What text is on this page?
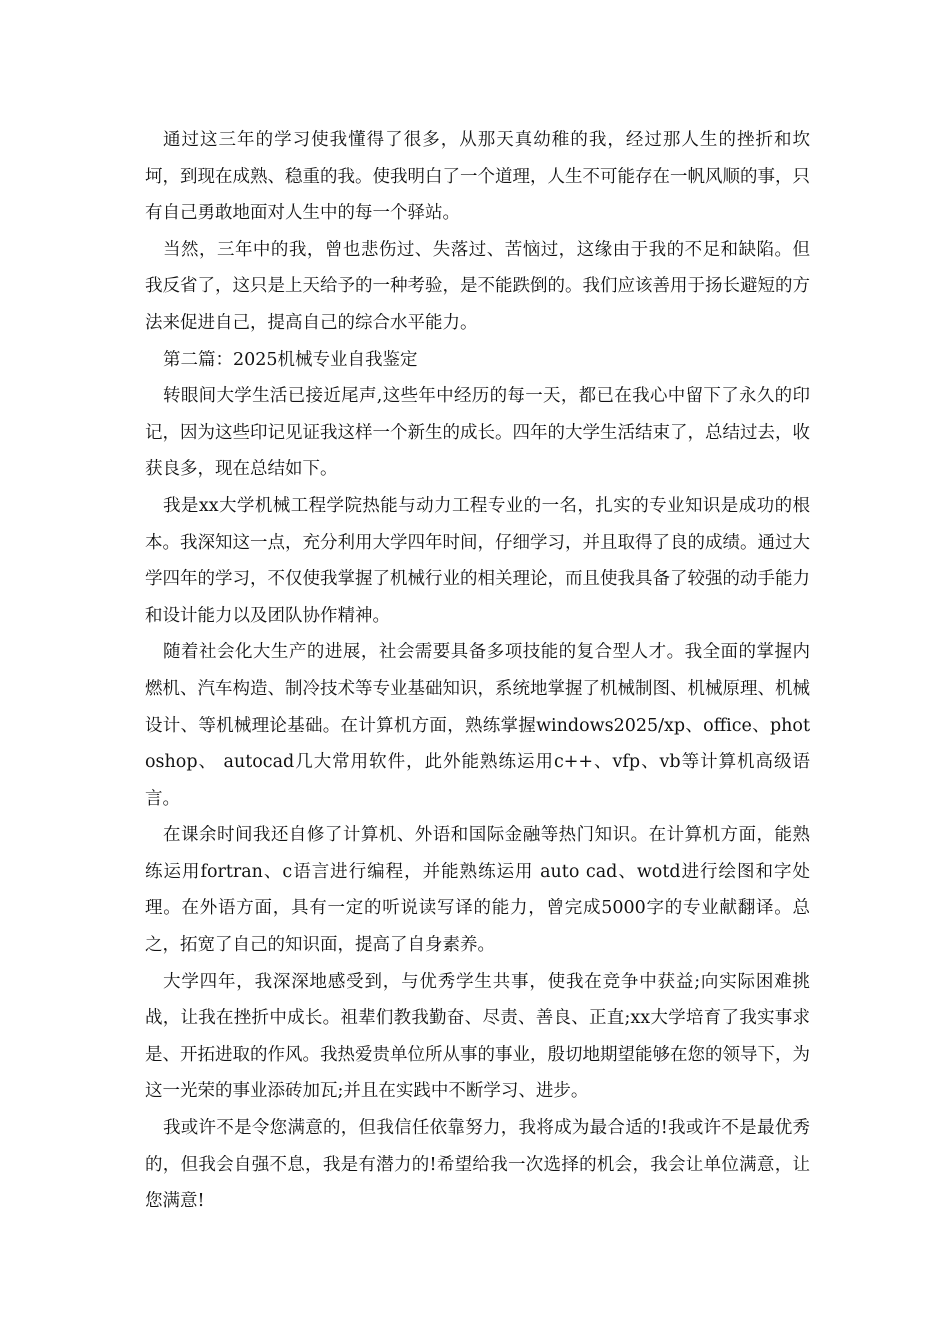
通过这三年的学习使我懂得了很多，从那天真幼稚的我，经过那人生的挫折和坎坷，到现在成熟、稳重的我。使我明白了一个道理，人生不可能存在一帆风顺的事，只有自己勇敢地面对人生中的每一个驿站。

当然，三年中的我，曾也悲伤过、失落过、苦恼过，这缘由于我的不足和缺陷。但我反省了，这只是上天给予的一种考验，是不能跌倒的。我们应该善用于扬长避短的方法来促进自己，提高自己的综合水平能力。

第二篇：2025机械专业自我鉴定

转眼间大学生活已接近尾声,这些年中经历的每一天，都已在我心中留下了永久的印记，因为这些印记见证我这样一个新生的成长。四年的大学生活结束了，总结过去，收获良多，现在总结如下。

我是xx大学机械工程学院热能与动力工程专业的一名，扎实的专业知识是成功的根本。我深知这一点，充分利用大学四年时间，仔细学习，并且取得了良的成绩。通过大学四年的学习，不仅使我掌握了机械行业的相关理论，而且使我具备了较强的动手能力和设计能力以及团队协作精神。

随着社会化大生产的进展，社会需要具备多项技能的复合型人才。我全面的掌握内燃机、汽车构造、制冷技术等专业基础知识，系统地掌握了机械制图、机械原理、机械设计、等机械理论基础。在计算机方面，熟练掌握windows2025/xp、office、photoshop、 autocad几大常用软件，此外能熟练运用c++、vfp、vb等计算机高级语言。

在课余时间我还自修了计算机、外语和国际金融等热门知识。在计算机方面，能熟练运用fortran、c语言进行编程，并能熟练运用 auto cad、wotd进行绘图和字处理。在外语方面，具有一定的听说读写译的能力，曾完成5000字的专业献翻译。总之，拓宽了自己的知识面，提高了自身素养。

大学四年，我深深地感受到，与优秀学生共事，使我在竞争中获益;向实际困难挑战，让我在挫折中成长。祖辈们教我勤奋、尽责、善良、正直;xx大学培育了我实事求是、开拓进取的作风。我热爱贵单位所从事的事业，殷切地期望能够在您的领导下，为这一光荣的事业添砖加瓦;并且在实践中不断学习、进步。

我或许不是令您满意的，但我信任依靠努力，我将成为最合适的!我或许不是最优秀的，但我会自强不息，我是有潜力的!希望给我一次选择的机会，我会让单位满意，让您满意!
